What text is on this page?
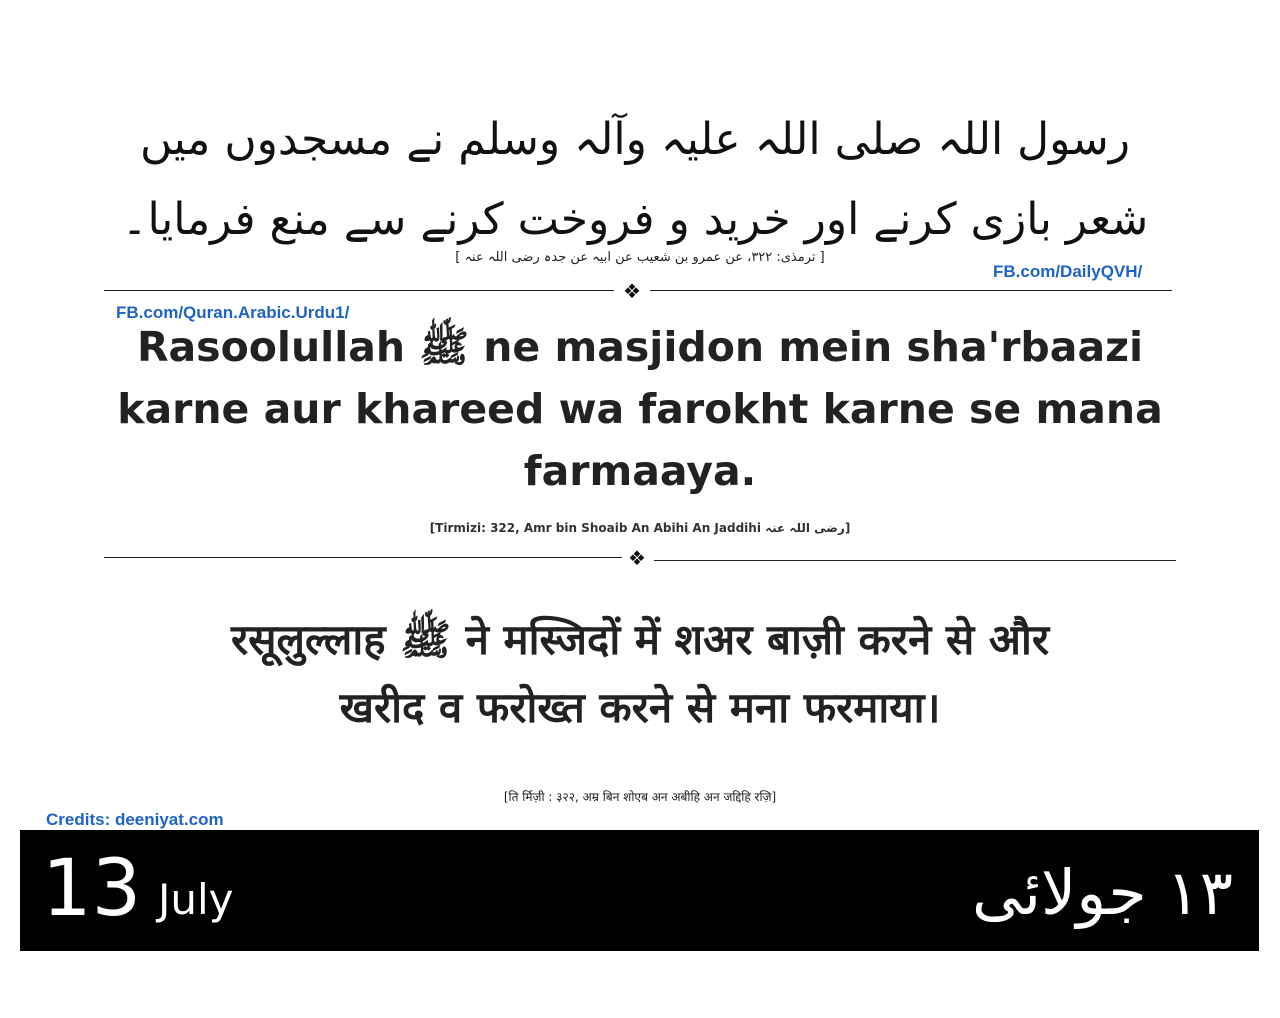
رسول اللہ صلی اللہ علیہ وآلہ وسلم نے مسجدوں میں شعر بازی کرنے اور خرید و فروخت کرنے سے منع فرمایا۔
[ ترمذی: ۳۲۲، عن عمرو بن شعیب عن ابیہ عن جدہ رضی اللہ عنہ ]
FB.com/DailyQVH/
❖
FB.com/Quran.Arabic.Urdu1/
Rasoolullah ﷺ ne masjidon mein sha'rbaazi
karne aur khareed wa farokht karne se mana
farmaaya.
[Tirmizi: 322, Amr bin Shoaib An Abihi An Jaddihi رضی اللہ عنہ]
❖
रसूलुल्लाह ﷺ ने मस्जिदों में शअर बाज़ी करने से और
खरीद व फरोख्त करने से मना फरमाया।
[ति र्मिज़ी : ३२२, अम्र बिन शोएब अन अबीहि अन जद्दिहि रज़ि]
Credits: deeniyat.com
13 July	۱۳ جولائی
